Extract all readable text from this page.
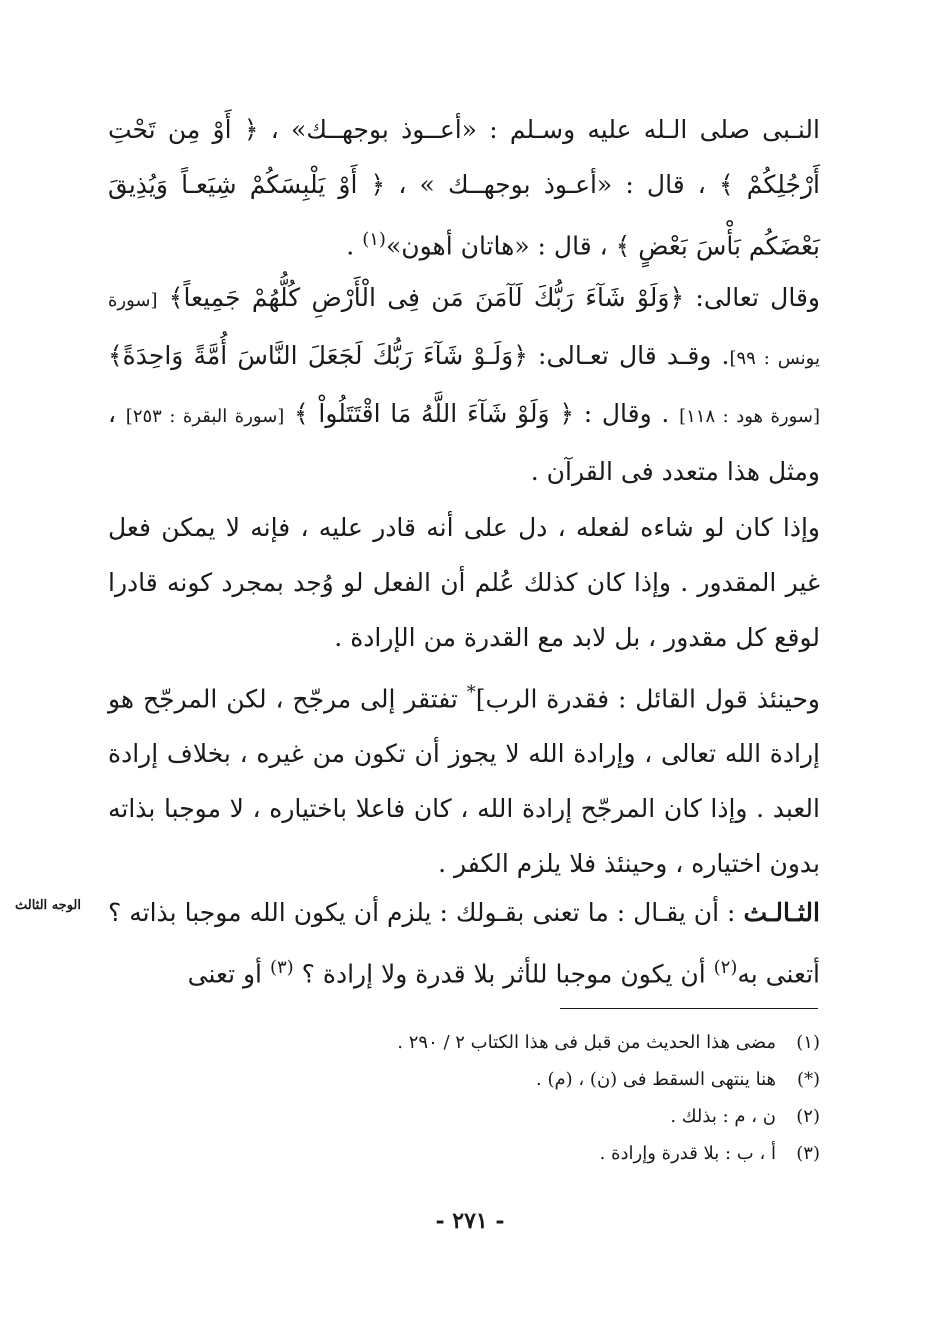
النـبى صلى الـله عليه وسـلم : «أعــوذ بوجهــك» ، ﴿ أَوْ مِن تَحْتِ أَرْجُلِكُمْ ﴾ ، قال : «أعـوذ بوجهــك » ، ﴿ أَوْ يَلْبِسَكُمْ شِيَعـاً وَيُذِيقَ بَعْضَكُم بَأْسَ بَعْضٍ ﴾ ، قال : «هاتان أهون»$^{(١)}$ .

وقال تعالى: ﴿وَلَوْ شَآءَ رَبُّكَ لَآمَنَ مَن فِى الْأَرْضِ كُلُّهُمْ جَمِيعاً﴾ [سورة يونس : ٩٩]. وقـد قال تعـالى: ﴿وَلَـوْ شَآءَ رَبُّكَ لَجَعَلَ النَّاسَ أُمَّةً وَاحِدَةً﴾ [سورة هود : ١١٨] . وقال : ﴿ وَلَوْ شَآءَ اللَّهُ مَا اقْتَتَلُواْ ﴾ [سورة البقرة : ٢٥٣] ، ومثل هذا متعدد فى القرآن .

وإذا كان لو شاءه لفعله ، دل على أنه قادر عليه ، فإنه لا يمكن فعل غير المقدور . وإذا كان كذلك عُلم أن الفعل لو وُجد بمجرد كونه قادرا لوقع كل مقدور ، بل لابد مع القدرة من الإرادة .

وحينئذ قول القائل : فقدرة الرب]* تفتقر إلى مرجّح ، لكن المرجّح هو إرادة الله تعالى ، وإرادة الله لا يجوز أن تكون من غيره ، بخلاف إرادة العبد . وإذا كان المرجّح إرادة الله ، كان فاعلا باختياره ، لا موجبا بذاته بدون اختياره ، وحينئذ فلا يلزم الكفر .

الثـالـث : أن يقـال : ما تعنى بقـولك : يلزم أن يكون الله موجبا بذاته ؟ أتعنى به$^{(٢)}$ أن يكون موجبا للأثر بلا قدرة ولا إرادة ؟ $^{(٣)}$ أو تعنى

الوجه الثالث
(١)
مضى هذا الحديث من قبل فى هذا الكتاب ٢ / ٢٩٠ .
(*)
هنا ينتهى السقط فى (ن) ، (م) .
(٢)
ن ، م : بذلك .
(٣)
أ ، ب : بلا قدرة وإرادة .
- ٢٧١ -
